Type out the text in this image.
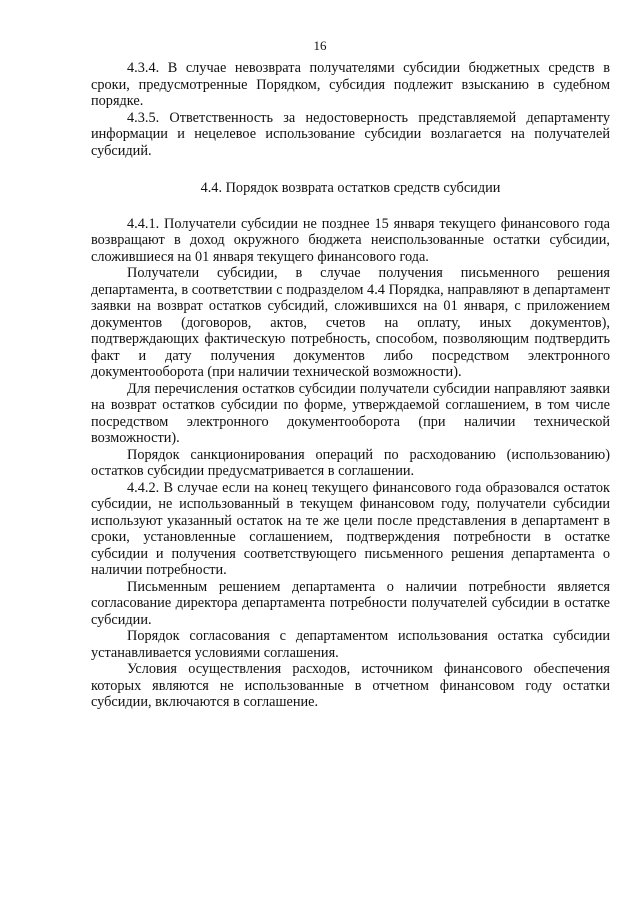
16

4.3.4. В случае невозврата получателями субсидии бюджетных средств в сроки, предусмотренные Порядком, субсидия подлежит взысканию в судебном порядке.

4.3.5. Ответственность за недостоверность представляемой департаменту информации и нецелевое использование субсидии возлагается на получателей субсидий.

4.4. Порядок возврата остатков средств субсидии

4.4.1. Получатели субсидии не позднее 15 января текущего финансового года возвращают в доход окружного бюджета неиспользованные остатки субсидии, сложившиеся на 01 января текущего финансового года.

Получатели субсидии, в случае получения письменного решения департамента, в соответствии с подразделом 4.4 Порядка, направляют в департамент заявки на возврат остатков субсидий, сложившихся на 01 января, с приложением документов (договоров, актов, счетов на оплату, иных документов), подтверждающих фактическую потребность, способом, позволяющим подтвердить факт и дату получения документов либо посредством электронного документооборота (при наличии технической возможности).

Для перечисления остатков субсидии получатели субсидии направляют заявки на возврат остатков субсидии по форме, утверждаемой соглашением, в том числе посредством электронного документооборота (при наличии технической возможности).

Порядок санкционирования операций по расходованию (использованию) остатков субсидии предусматривается в соглашении.

4.4.2. В случае если на конец текущего финансового года образовался остаток субсидии, не использованный в текущем финансовом году, получатели субсидии используют указанный остаток на те же цели после представления в департамент в сроки, установленные соглашением, подтверждения потребности в остатке субсидии и получения соответствующего письменного решения департамента о наличии потребности.

Письменным решением департамента о наличии потребности является согласование директора департамента потребности получателей субсидии в остатке субсидии.

Порядок согласования с департаментом использования остатка субсидии устанавливается условиями соглашения.

Условия осуществления расходов, источником финансового обеспечения которых являются не использованные в отчетном финансовом году остатки субсидии, включаются в соглашение.
